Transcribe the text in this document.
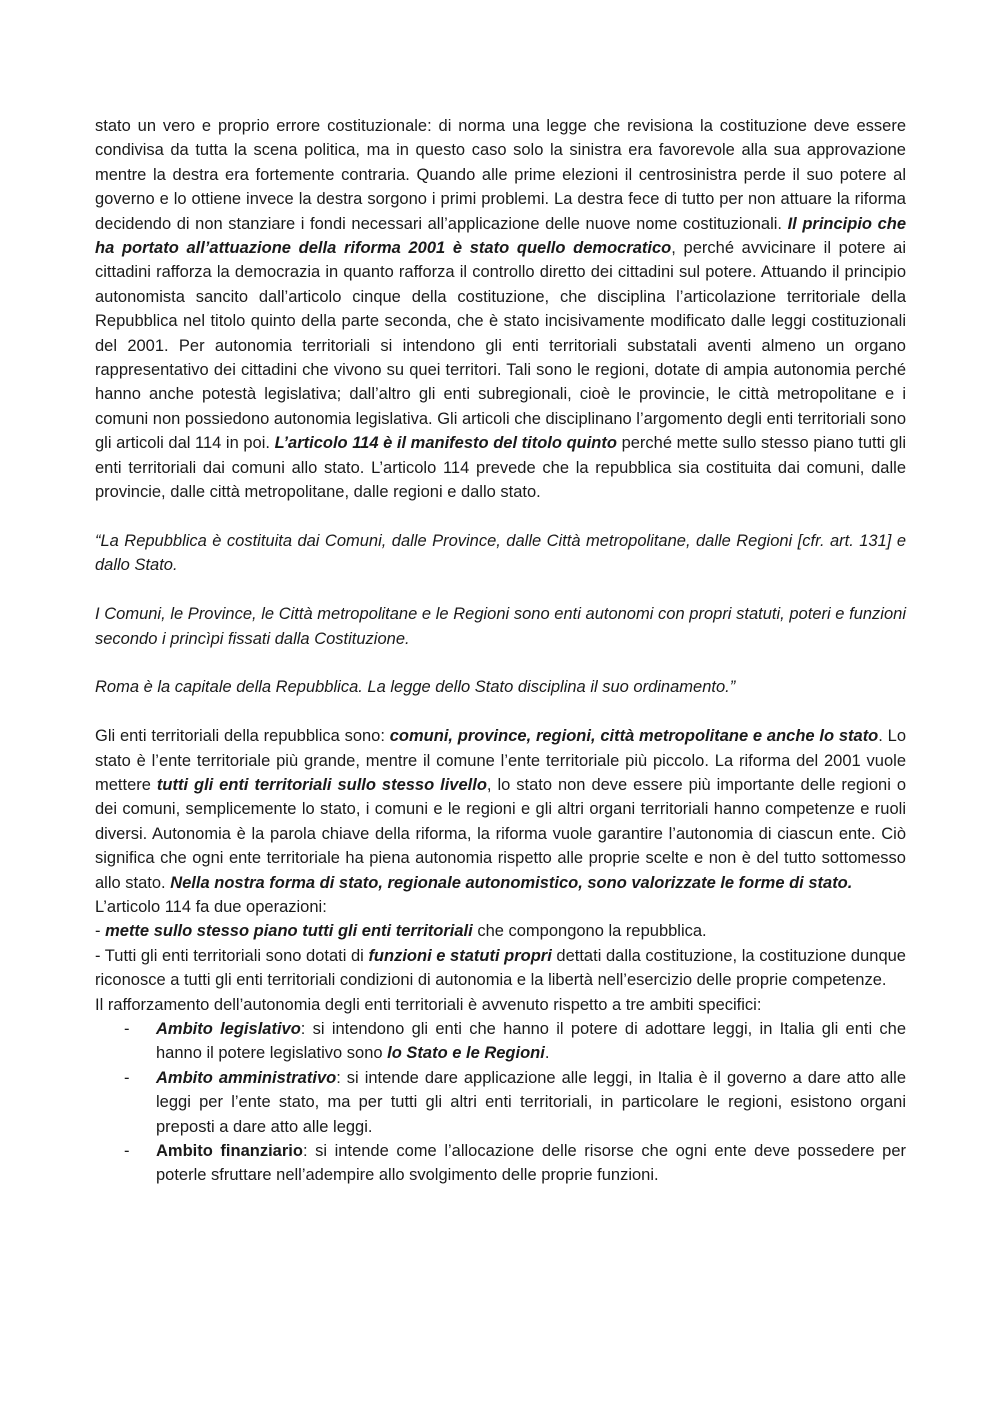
stato un vero e proprio errore costituzionale: di norma una legge che revisiona la costituzione deve essere condivisa da tutta la scena politica, ma in questo caso solo la sinistra era favorevole alla sua approvazione mentre la destra era fortemente contraria. Quando alle prime elezioni il centrosinistra perde il suo potere al governo e lo ottiene invece la destra sorgono i primi problemi. La destra fece di tutto per non attuare la riforma decidendo di non stanziare i fondi necessari all’applicazione delle nuove nome costituzionali. Il principio che ha portato all’attuazione della riforma 2001 è stato quello democratico, perché avvicinare il potere ai cittadini rafforza la democrazia in quanto rafforza il controllo diretto dei cittadini sul potere. Attuando il principio autonomista sancito dall’articolo cinque della costituzione, che disciplina l’articolazione territoriale della Repubblica nel titolo quinto della parte seconda, che è stato incisivamente modificato dalle leggi costituzionali del 2001. Per autonomia territoriali si intendono gli enti territoriali substatali aventi almeno un organo rappresentativo dei cittadini che vivono su quei territori. Tali sono le regioni, dotate di ampia autonomia perché hanno anche potestà legislativa; dall’altro gli enti subregionali, cioè le provincie, le città metropolitane e i comuni non possiedono autonomia legislativa. Gli articoli che disciplinano l’argomento degli enti territoriali sono gli articoli dal 114 in poi. L’articolo 114 è il manifesto del titolo quinto perché mette sullo stesso piano tutti gli enti territoriali dai comuni allo stato. L’articolo 114 prevede che la repubblica sia costituita dai comuni, dalle provincie, dalle città metropolitane, dalle regioni e dallo stato.

“La Repubblica è costituita dai Comuni, dalle Province, dalle Città metropolitane, dalle Regioni [cfr. art. 131] e dallo Stato.

I Comuni, le Province, le Città metropolitane e le Regioni sono enti autonomi con propri statuti, poteri e funzioni secondo i princìpi fissati dalla Costituzione.

Roma è la capitale della Repubblica. La legge dello Stato disciplina il suo ordinamento.”

Gli enti territoriali della repubblica sono: comuni, province, regioni, città metropolitane e anche lo stato. Lo stato è l’ente territoriale più grande, mentre il comune l’ente territoriale più piccolo. La riforma del 2001 vuole mettere tutti gli enti territoriali sullo stesso livello, lo stato non deve essere più importante delle regioni o dei comuni, semplicemente lo stato, i comuni e le regioni e gli altri organi territoriali hanno competenze e ruoli diversi. Autonomia è la parola chiave della riforma, la riforma vuole garantire l’autonomia di ciascun ente. Ciò significa che ogni ente territoriale ha piena autonomia rispetto alle proprie scelte e non è del tutto sottomesso allo stato. Nella nostra forma di stato, regionale autonomistico, sono valorizzate le forme di stato.

L’articolo 114 fa due operazioni:

- mette sullo stesso piano tutti gli enti territoriali che compongono la repubblica.

- Tutti gli enti territoriali sono dotati di funzioni e statuti propri dettati dalla costituzione, la costituzione dunque riconosce a tutti gli enti territoriali condizioni di autonomia e la libertà nell’esercizio delle proprie competenze.

Il rafforzamento dell’autonomia degli enti territoriali è avvenuto rispetto a tre ambiti specifici:

- Ambito legislativo: si intendono gli enti che hanno il potere di adottare leggi, in Italia gli enti che hanno il potere legislativo sono lo Stato e le Regioni.
- Ambito amministrativo: si intende dare applicazione alle leggi, in Italia è il governo a dare atto alle leggi per l’ente stato, ma per tutti gli altri enti territoriali, in particolare le regioni, esistono organi preposti a dare atto alle leggi.
- Ambito finanziario: si intende come l’allocazione delle risorse che ogni ente deve possedere per poterle sfruttare nell’adempire allo svolgimento delle proprie funzioni.
